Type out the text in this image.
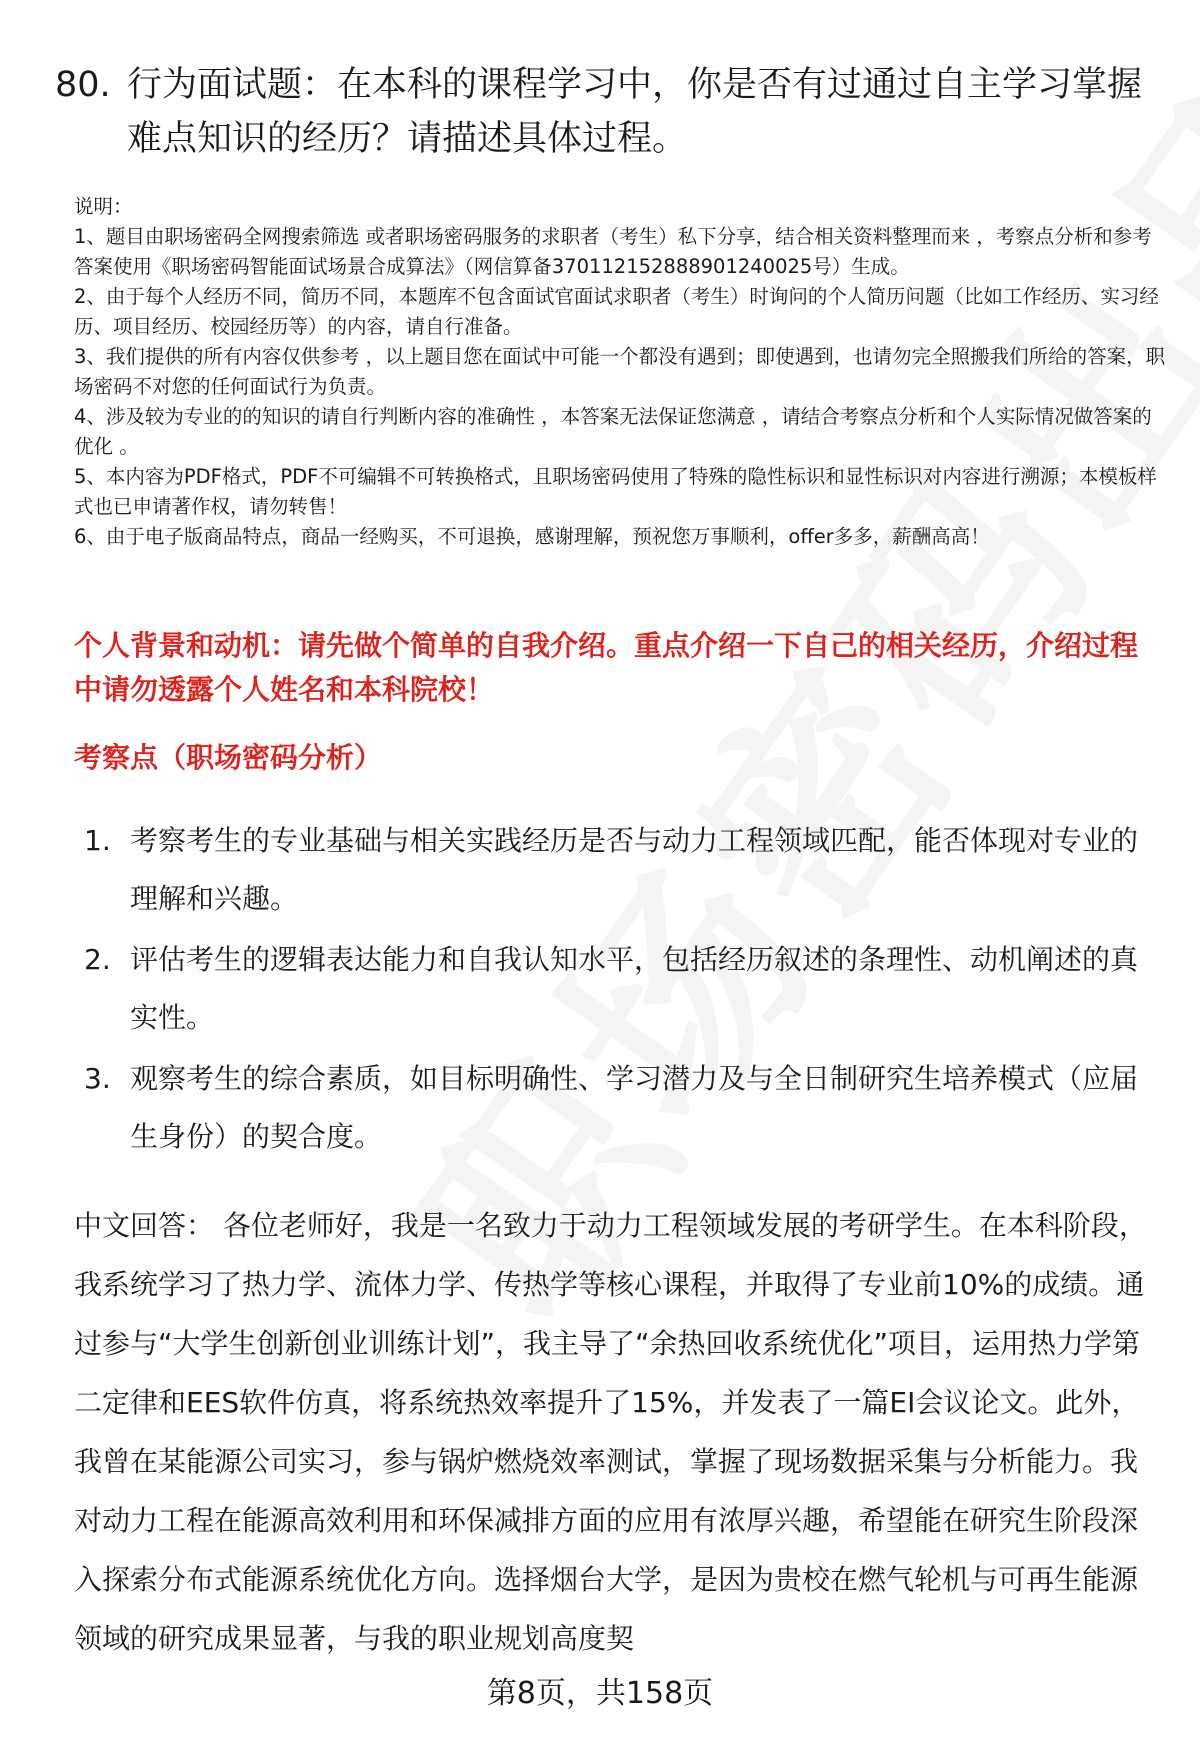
80. 行为面试题：在本科的课程学习中，你是否有过通过自主学习掌握难点知识的经历？请描述具体过程。
说明：
1、题目由职场密码全网搜索筛选 或者职场密码服务的求职者（考生）私下分享，结合相关资料整理而来 ，考察点分析和参考答案使用《职场密码智能面试场景合成算法》（网信算备370112152888901240025号）生成。
2、由于每个人经历不同，简历不同，本题库不包含面试官面试求职者（考生）时询问的个人简历问题（比如工作经历、实习经历、项目经历、校园经历等）的内容，请自行准备。
3、我们提供的所有内容仅供参考 ，以上题目您在面试中可能一个都没有遇到；即使遇到，也请勿完全照搬我们所给的答案，职场密码不对您的任何面试行为负责。
4、涉及较为专业的的知识的请自行判断内容的准确性 ，本答案无法保证您满意 ，请结合考察点分析和个人实际情况做答案的优化 。
5、本内容为PDF格式，PDF不可编辑不可转换格式，且职场密码使用了特殊的隐性标识和显性标识对内容进行溯源；本模板样式也已申请著作权，请勿转售！
6、由于电子版商品特点，商品一经购买，不可退换，感谢理解，预祝您万事顺利，offer多多，薪酬高高！
个人背景和动机：请先做个简单的自我介绍。重点介绍一下自己的相关经历，介绍过程中请勿透露个人姓名和本科院校！
考察点（职场密码分析）
1. 考察考生的专业基础与相关实践经历是否与动力工程领域匹配，能否体现对专业的理解和兴趣。
2. 评估考生的逻辑表达能力和自我认知水平，包括经历叙述的条理性、动机阐述的真实性。
3. 观察考生的综合素质，如目标明确性、学习潜力及与全日制研究生培养模式（应届生身份）的契合度。
中文回答： 各位老师好，我是一名致力于动力工程领域发展的考研学生。在本科阶段，我系统学习了热力学、流体力学、传热学等核心课程，并取得了专业前10%的成绩。通过参与“大学生创新创业训练计划”，我主导了“余热回收系统优化”项目，运用热力学第二定律和EES软件仿真，将系统热效率提升了15%，并发表了一篇EI会议论文。此外，我曾在某能源公司实习，参与锅炉燃烧效率测试，掌握了现场数据采集与分析能力。我对动力工程在能源高效利用和环保减排方面的应用有浓厚兴趣，希望能在研究生阶段深入探索分布式能源系统优化方向。选择烟台大学，是因为贵校在燃气轮机与可再生能源领域的研究成果显著，与我的职业规划高度契
第8页，共158页
